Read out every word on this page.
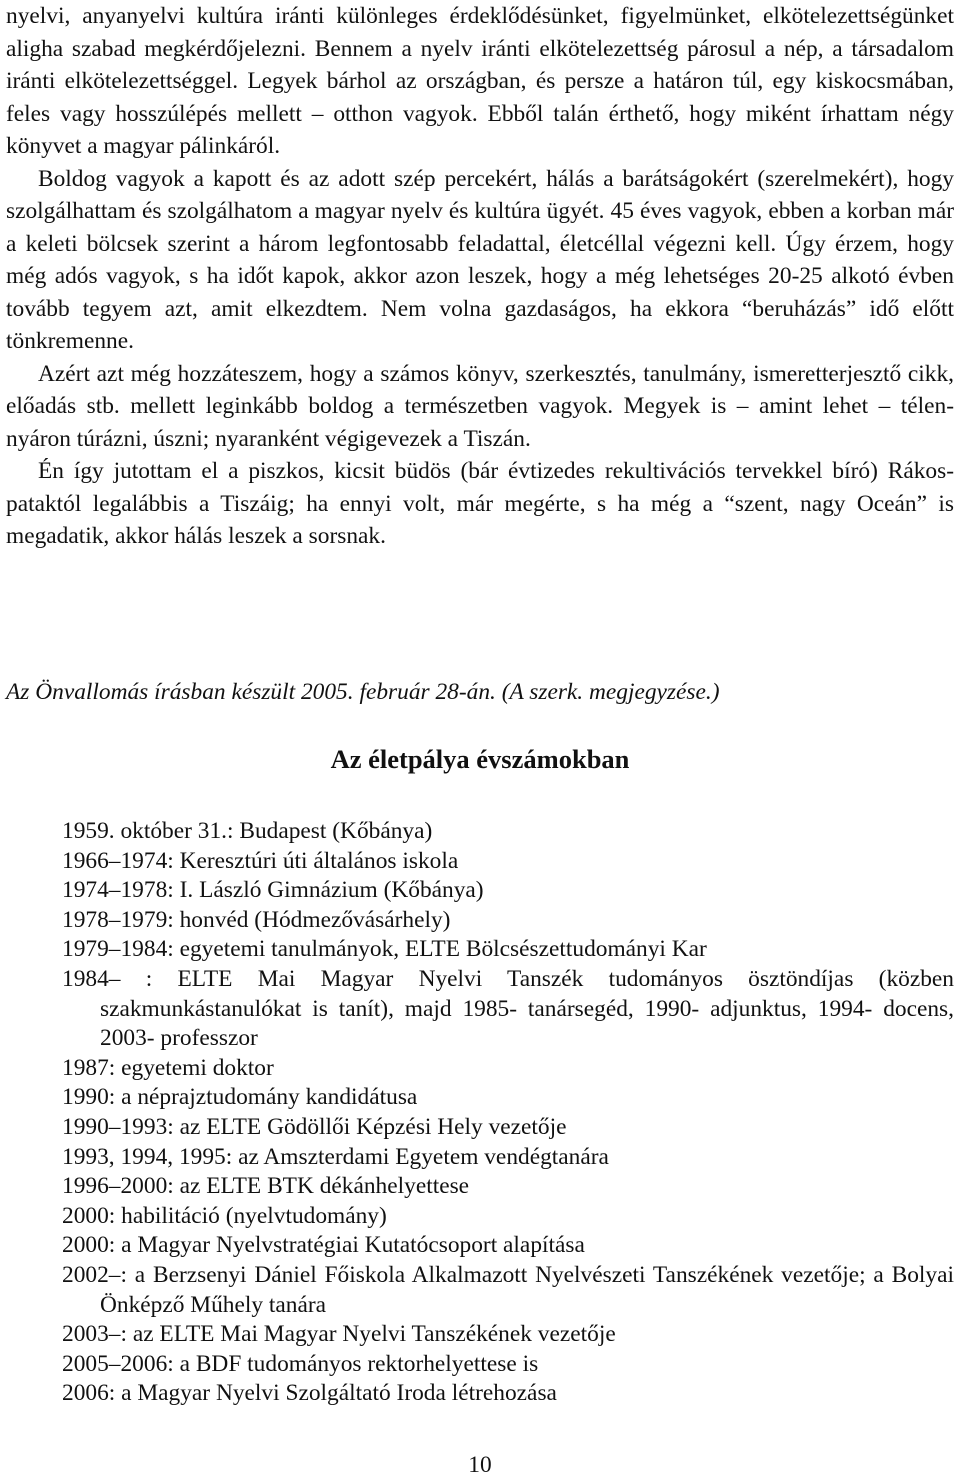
nyelvi, anyanyelvi kultúra iránti különleges érdeklődésünket, figyelmünket, elkötelezettségünket aligha szabad megkérdőjelezni. Bennem a nyelv iránti elkötelezettség párosul a nép, a társadalom iránti elkötelezettséggel. Legyek bárhol az országban, és persze a határon túl, egy kiskocsmában, feles vagy hosszúlépés mellett – otthon vagyok. Ebből talán érthető, hogy miként írhattam négy könyvet a magyar pálinkáról.

Boldog vagyok a kapott és az adott szép percekért, hálás a barátságokért (szerelmekért), hogy szolgálhattam és szolgálhatom a magyar nyelv és kultúra ügyét. 45 éves vagyok, ebben a korban már a keleti bölcsek szerint a három legfontosabb feladattal, életcéllal végezni kell. Úgy érzem, hogy még adós vagyok, s ha időt kapok, akkor azon leszek, hogy a még lehetséges 20-25 alkotó évben tovább tegyem azt, amit elkezdtem. Nem volna gazdaságos, ha ekkora “beruházás” idő előtt tönkremenne.

Azért azt még hozzáteszem, hogy a számos könyv, szerkesztés, tanulmány, ismeretterjesztő cikk, előadás stb. mellett leginkább boldog a természetben vagyok. Megyek is – amint lehet – télen-nyáron túrázni, úszni; nyaranként végigevezek a Tiszán.

Én így jutottam el a piszkos, kicsit büdös (bár évtizedes rekultivációs tervekkel bíró) Rákos-pataktól legalábbis a Tiszáig; ha ennyi volt, már megérte, s ha még a “szent, nagy Oceán” is megadatik, akkor hálás leszek a sorsnak.

Az Önvallomás írásban készült 2005. február 28-án. (A szerk. megjegyzése.)

Az életpálya évszámokban
1959. október 31.: Budapest (Kőbánya)
1966–1974: Keresztúri úti általános iskola
1974–1978: I. László Gimnázium (Kőbánya)
1978–1979: honvéd (Hódmezővásárhely)
1979–1984: egyetemi tanulmányok, ELTE Bölcsészettudományi Kar
1984– : ELTE Mai Magyar Nyelvi Tanszék tudományos ösztöndíjas (közben szakmunkástanulókat is tanít), majd 1985- tanársegéd, 1990- adjunktus, 1994- docens, 2003- professzor
1987: egyetemi doktor
1990: a néprajztudomány kandidátusa
1990–1993: az ELTE Gödöllői Képzési Hely vezetője
1993, 1994, 1995: az Amszterdami Egyetem vendégtanára
1996–2000: az ELTE BTK dékánhelyettese
2000: habilitáció (nyelvtudomány)
2000: a Magyar Nyelvstratégiai Kutatócsoport alapítása
2002–: a Berzsenyi Dániel Főiskola Alkalmazott Nyelvészeti Tanszékének vezetője; a Bolyai Önképző Műhely tanára
2003–: az ELTE Mai Magyar Nyelvi Tanszékének vezetője
2005–2006: a BDF tudományos rektorhelyettese is
2006: a Magyar Nyelvi Szolgáltató Iroda létrehozása
10
